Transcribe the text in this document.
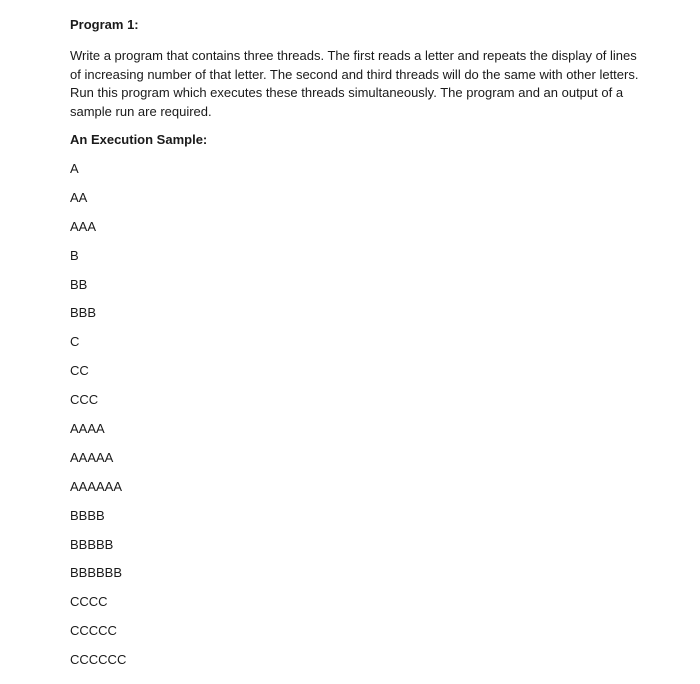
Program 1:
Write a program that contains three threads. The first reads a letter and repeats the display of lines
of increasing number of that letter. The second and third threads will do the same with other letters.
Run this program which executes these threads simultaneously. The program and an output of a
sample run are required.
An Execution Sample:
A
AA
AAA
B
BB
BBB
C
CC
CCC
AAAA
AAAAA
AAAAAA
BBBB
BBBBB
BBBBBB
CCCC
CCCCC
CCCCCC
